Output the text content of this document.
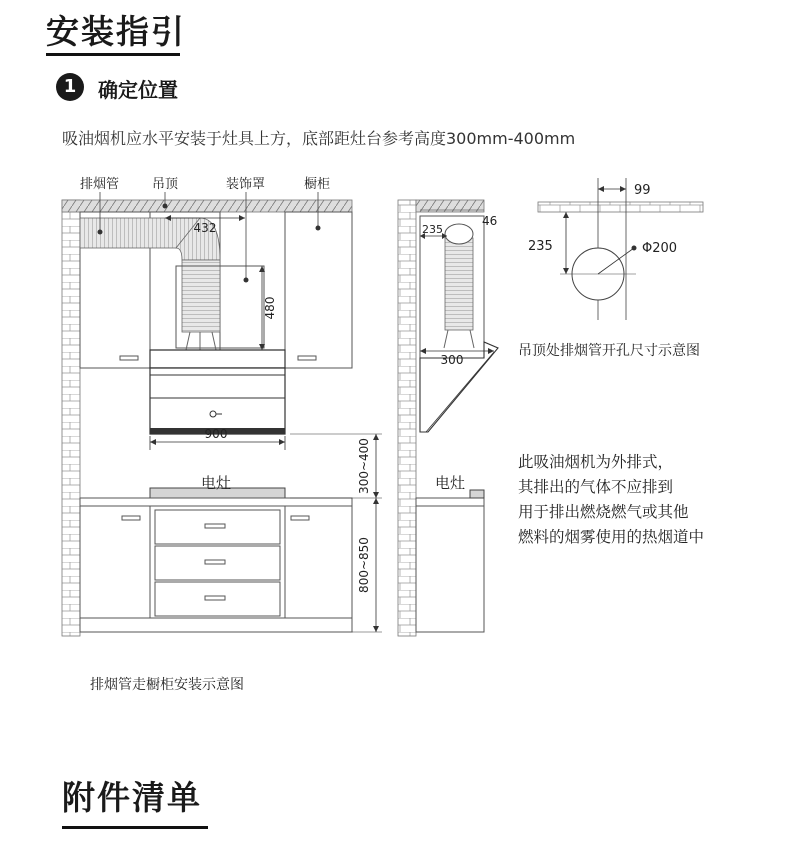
安装指引
1	确定位置
吸油烟机应水平安装于灶具上方，底部距灶台参考高度300mm-400mm
排烟管	吊顶	装饰罩	橱柜
432
480
900
300~400
800~850
电灶
46
235
300
电灶
99
235	Φ200
吊顶处排烟管开孔尺寸示意图
此吸油烟机为外排式，
其排出的气体不应排到
用于排出燃烧燃气或其他
燃料的烟雾使用的热烟道中
排烟管走橱柜安装示意图
附件清单
